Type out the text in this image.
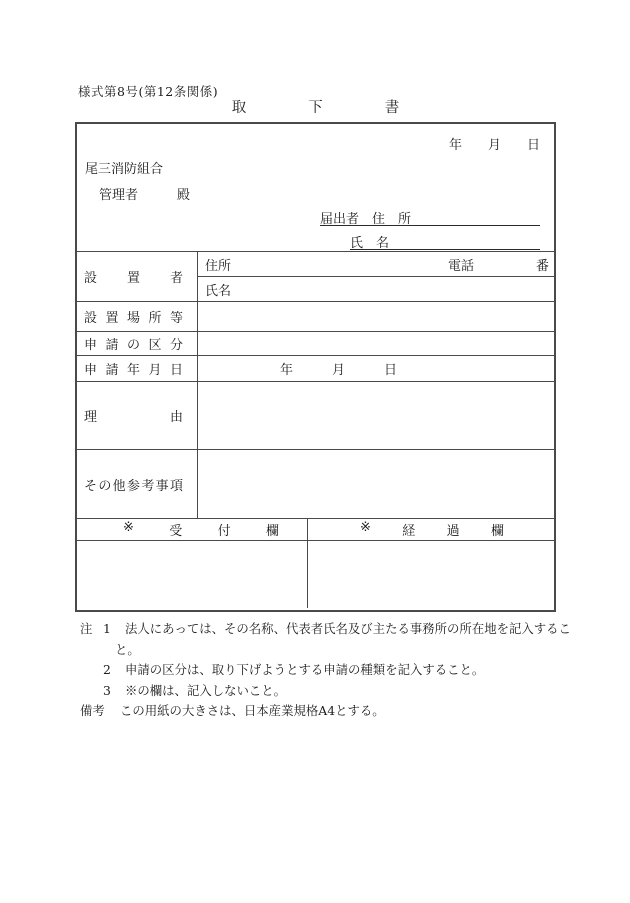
様式第8号(第12条関係)
取	下	書
年　　月　　日
尾三消防組合
管理者　　　殿
届出者　住　所
氏　名
設 置 者
住所	電話	番
氏名
設 置 場 所 等
申 請 の 区 分
申 請 年 月 日	年　　　月　　　日
理	由
そ の 他 参 考 事 項
※	受	付	欄	※ 経 過 欄
注 1	法人にあっては、その名称、代表者氏名及び主たる事務所の所在地を記入するこ
と。
2	申請の区分は、取り下げようとする申請の種類を記入すること。
3	※の欄は、記入しないこと。
備考	この用紙の大きさは、日本産業規格A4とする。
